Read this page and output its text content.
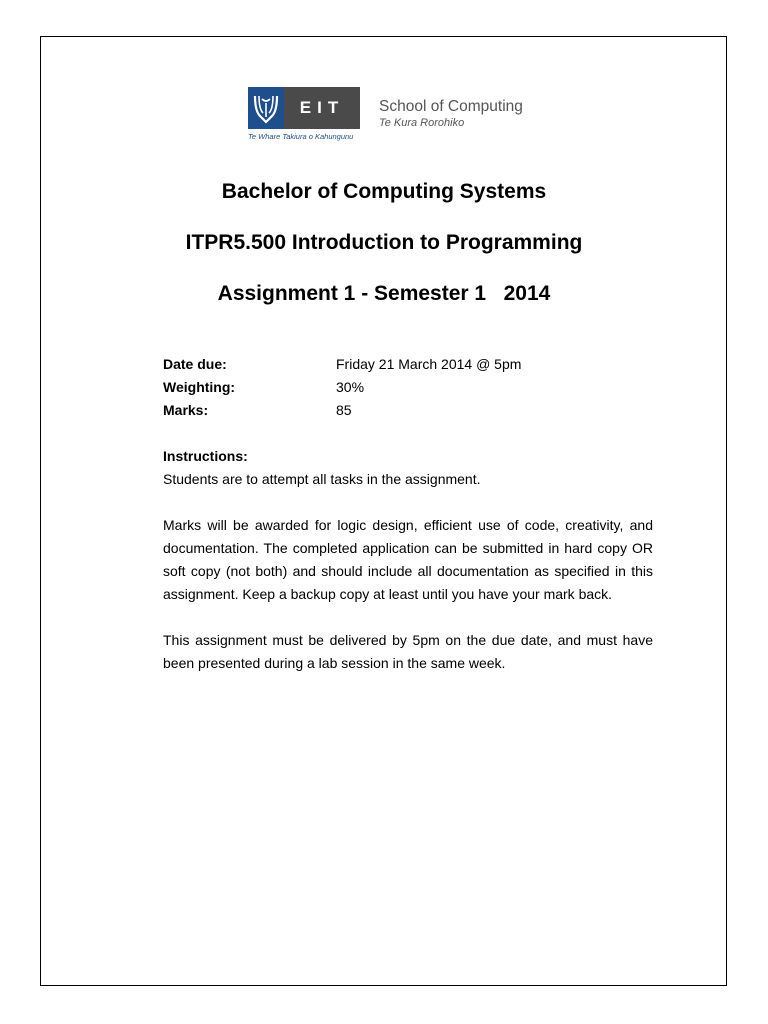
EIT	School of Computing
Te Kura Rorohiko
Te Whare Takiura o Kahungunu
Bachelor of Computing Systems
ITPR5.500 Introduction to Programming
Assignment 1 - Semester 1   2014
Date due:	Friday 21 March 2014 @ 5pm
Weighting:	30%
Marks:	85
Instructions:

Students are to attempt all tasks in the assignment.

Marks will be awarded for logic design, efficient use of code, creativity, and documentation. The completed application can be submitted in hard copy OR soft copy (not both) and should include all documentation as specified in this assignment. Keep a backup copy at least until you have your mark back.

This assignment must be delivered by 5pm on the due date, and must have been presented during a lab session in the same week.
